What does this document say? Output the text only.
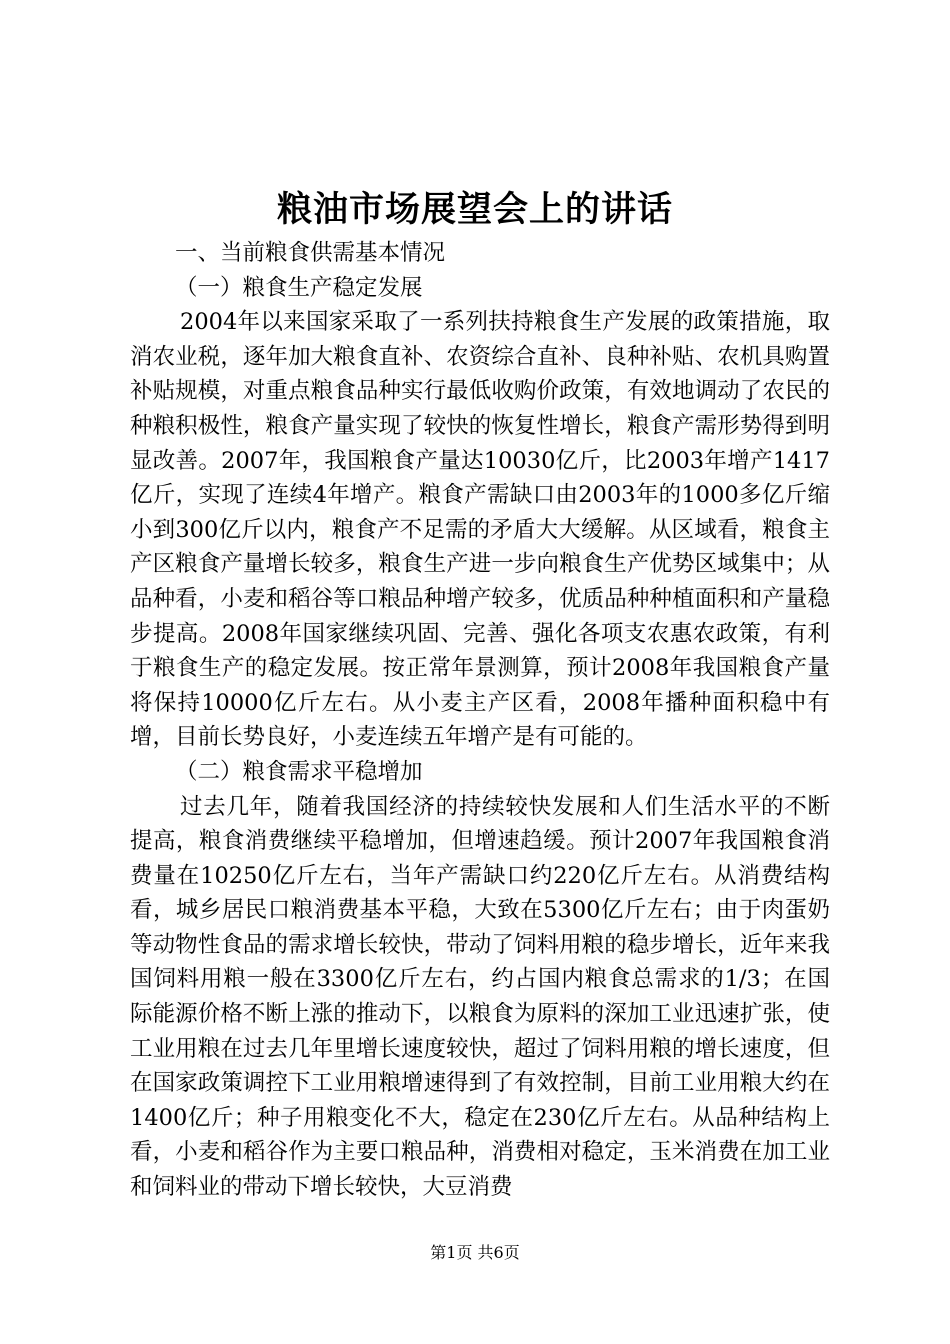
粮油市场展望会上的讲话

一、当前粮食供需基本情况

（一）粮食生产稳定发展

2004年以来国家采取了一系列扶持粮食生产发展的政策措施，取消农业税，逐年加大粮食直补、农资综合直补、良种补贴、农机具购置补贴规模，对重点粮食品种实行最低收购价政策，有效地调动了农民的种粮积极性，粮食产量实现了较快的恢复性增长，粮食产需形势得到明显改善。2007年，我国粮食产量达10030亿斤，比2003年增产1417亿斤，实现了连续4年增产。粮食产需缺口由2003年的1000多亿斤缩小到300亿斤以内，粮食产不足需的矛盾大大缓解。从区域看，粮食主产区粮食产量增长较多，粮食生产进一步向粮食生产优势区域集中；从品种看，小麦和稻谷等口粮品种增产较多，优质品种种植面积和产量稳步提高。2008年国家继续巩固、完善、强化各项支农惠农政策，有利于粮食生产的稳定发展。按正常年景测算，预计2008年我国粮食产量将保持10000亿斤左右。从小麦主产区看，2008年播种面积稳中有增，目前长势良好，小麦连续五年增产是有可能的。

（二）粮食需求平稳增加

过去几年，随着我国经济的持续较快发展和人们生活水平的不断提高，粮食消费继续平稳增加，但增速趋缓。预计2007年我国粮食消费量在10250亿斤左右，当年产需缺口约220亿斤左右。从消费结构看，城乡居民口粮消费基本平稳，大致在5300亿斤左右；由于肉蛋奶等动物性食品的需求增长较快，带动了饲料用粮的稳步增长，近年来我国饲料用粮一般在3300亿斤左右，约占国内粮食总需求的1/3；在国际能源价格不断上涨的推动下，以粮食为原料的深加工业迅速扩张，使工业用粮在过去几年里增长速度较快，超过了饲料用粮的增长速度，但在国家政策调控下工业用粮增速得到了有效控制，目前工业用粮大约在1400亿斤；种子用粮变化不大，稳定在230亿斤左右。从品种结构上看，小麦和稻谷作为主要口粮品种，消费相对稳定，玉米消费在加工业和饲料业的带动下增长较快，大豆消费

第1页 共6页
